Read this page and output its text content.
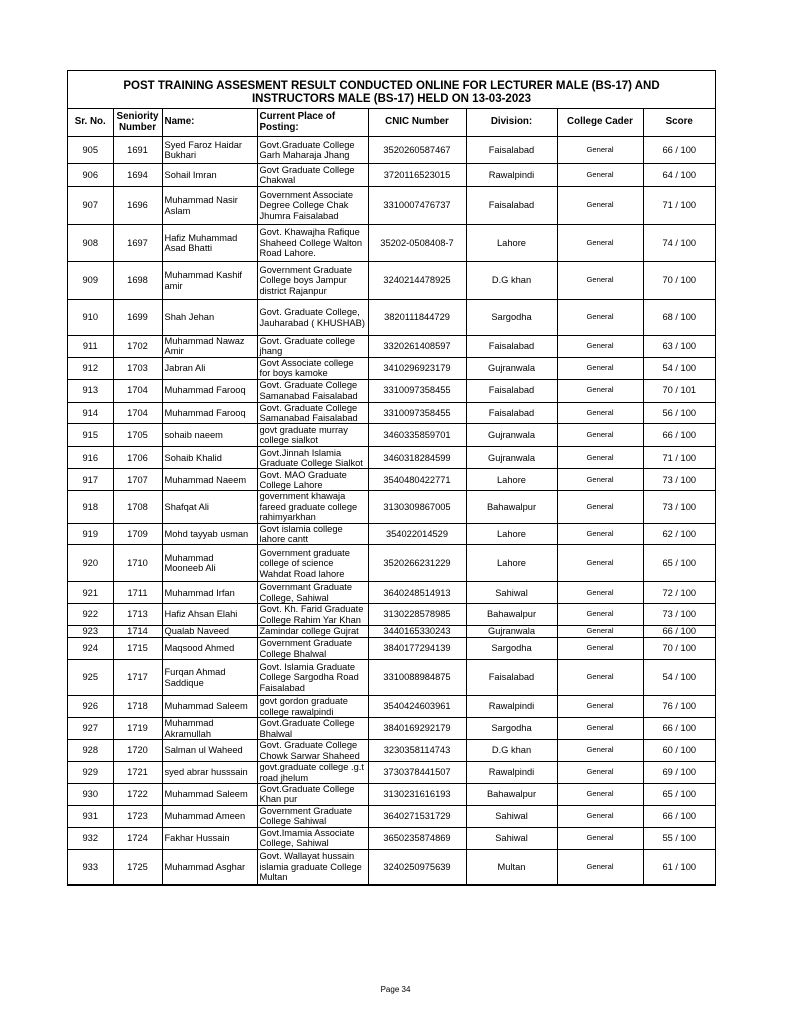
POST TRAINING ASSESMENT RESULT CONDUCTED ONLINE FOR LECTURER MALE (BS-17) AND
INSTRUCTORS MALE (BS-17) HELD ON 13-03-2023
Sr. No.	Seniority Number	Name:	Current Place of Posting:	CNIC Number	Division:	College Cader	Score
905	1691	Syed Faroz Haidar Bukhari	Govt.Graduate College Garh Maharaja Jhang	3520260587467	Faisalabad	General	66 / 100
906	1694	Sohail Imran	Govt Graduate College Chakwal	3720116523015	Rawalpindi	General	64 / 100
907	1696	Muhammad Nasir Aslam	Government Associate Degree College Chak Jhumra Faisalabad	3310007476737	Faisalabad	General	71 / 100
908	1697	Hafiz Muhammad Asad Bhatti	Govt. Khawajha Rafique Shaheed College Walton Road Lahore.	35202-0508408-7	Lahore	General	74 / 100
909	1698	Muhammad Kashif amir	Government Graduate College boys Jampur district Rajanpur	3240214478925	D.G khan	General	70 / 100
910	1699	Shah Jehan	Govt. Graduate College, Jauharabad ( KHUSHAB)	3820111844729	Sargodha	General	68 / 100
911	1702	Muhammad Nawaz Amir	Govt. Graduate college jhang	3320261408597	Faisalabad	General	63 / 100
912	1703	Jabran Ali	Govt Associate college for boys kamoke	3410296923179	Gujranwala	General	54 / 100
913	1704	Muhammad Farooq	Govt. Graduate College Samanabad Faisalabad	3310097358455	Faisalabad	General	70 / 101
914	1704	Muhammad Farooq	Govt. Graduate College Samanabad Faisalabad	3310097358455	Faisalabad	General	56 / 100
915	1705	sohaib naeem	govt graduate murray college sialkot	3460335859701	Gujranwala	General	66 / 100
916	1706	Sohaib Khalid	Govt.Jinnah Islamia Graduate College Sialkot	3460318284599	Gujranwala	General	71 / 100
917	1707	Muhammad Naeem	Govt. MAO Graduate College Lahore	3540480422771	Lahore	General	73 / 100
918	1708	Shafqat Ali	government khawaja fareed graduate college rahimyarkhan	3130309867005	Bahawalpur	General	73 / 100
919	1709	Mohd tayyab usman	Govt islamia college lahore cantt	354022014529	Lahore	General	62 / 100
920	1710	Muhammad Mooneeb Ali	Government graduate college of science Wahdat Road lahore	3520266231229	Lahore	General	65 / 100
921	1711	Muhammad Irfan	Governmant Graduate College, Sahiwal	3640248514913	Sahiwal	General	72 / 100
922	1713	Hafiz Ahsan Elahi	Govt. Kh. Farid Graduate College Rahim Yar Khan	3130228578985	Bahawalpur	General	73 / 100
923	1714	Qualab Naveed	Zamindar college Gujrat	3440165330243	Gujranwala	General	66 / 100
924	1715	Maqsood Ahmed	Government Graduate College Bhalwal	3840177294139	Sargodha	General	70 / 100
925	1717	Furqan Ahmad Saddique	Govt. Islamia Graduate College Sargodha Road Faisalabad	3310088984875	Faisalabad	General	54 / 100
926	1718	Muhammad Saleem	govt gordon graduate college rawalpindi	3540424603961	Rawalpindi	General	76 / 100
927	1719	Muhammad Akramullah	Govt.Graduate College Bhalwal	3840169292179	Sargodha	General	66 / 100
928	1720	Salman ul Waheed	Govt. Graduate College Chowk Sarwar Shaheed	3230358114743	D.G khan	General	60 / 100
929	1721	syed abrar husssain	govt.graduate college .g.t road jhelum	3730378441507	Rawalpindi	General	69 / 100
930	1722	Muhammad Saleem	Govt.Graduate College Khan pur	3130231616193	Bahawalpur	General	65 / 100
931	1723	Muhammad Ameen	Government Graduate College Sahiwal	3640271531729	Sahiwal	General	66 / 100
932	1724	Fakhar Hussain	Govt.Imamia Associate College, Sahiwal	3650235874869	Sahiwal	General	55 / 100
933	1725	Muhammad Asghar	Govt. Wallayat hussain islamia graduate College Multan	3240250975639	Multan	General	61 / 100
Page 34
